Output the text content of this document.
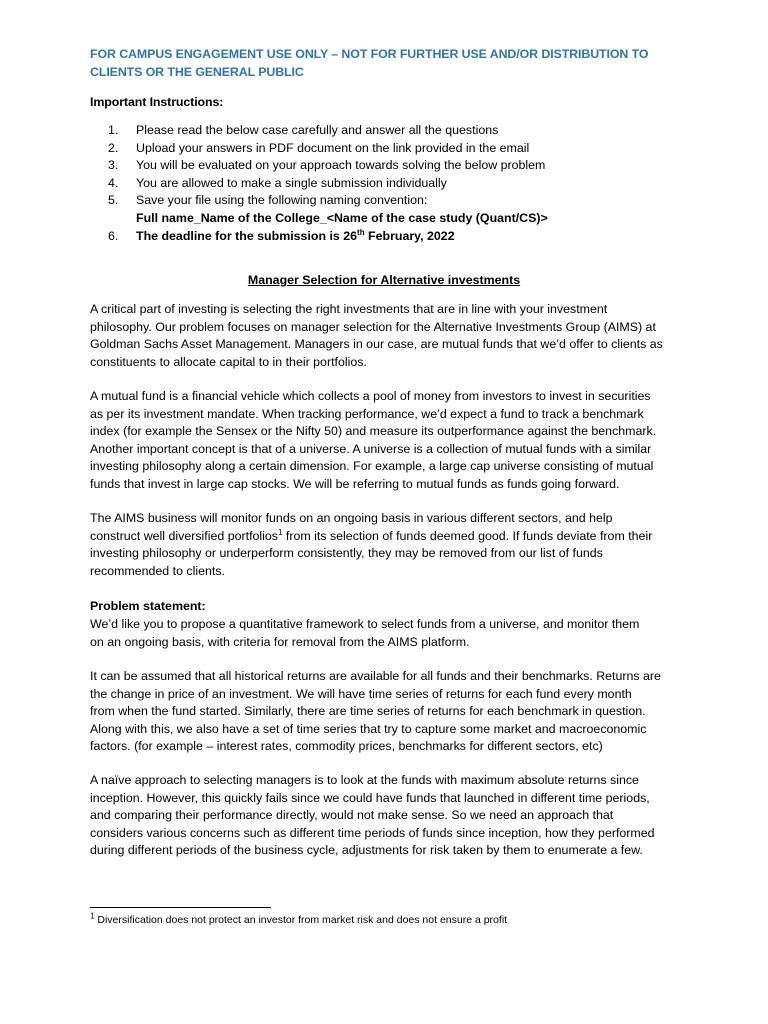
FOR CAMPUS ENGAGEMENT USE ONLY – NOT FOR FURTHER USE AND/OR DISTRIBUTION TO
CLIENTS OR THE GENERAL PUBLIC
Important Instructions:
1.	Please read the below case carefully and answer all the questions
2.	Upload your answers in PDF document on the link provided in the email
3.	You will be evaluated on your approach towards solving the below problem
4.	You are allowed to make a single submission individually
5.	Save your file using the following naming convention:
Full name_Name of the College_<Name of the case study (Quant/CS)>
6.	The deadline for the submission is 26th February, 2022
Manager Selection for Alternative investments
A critical part of investing is selecting the right investments that are in line with your investment
philosophy. Our problem focuses on manager selection for the Alternative Investments Group (AIMS) at
Goldman Sachs Asset Management. Managers in our case, are mutual funds that we’d offer to clients as
constituents to allocate capital to in their portfolios.
A mutual fund is a financial vehicle which collects a pool of money from investors to invest in securities
as per its investment mandate. When tracking performance, we’d expect a fund to track a benchmark
index (for example the Sensex or the Nifty 50) and measure its outperformance against the benchmark.
Another important concept is that of a universe. A universe is a collection of mutual funds with a similar
investing philosophy along a certain dimension. For example, a large cap universe consisting of mutual
funds that invest in large cap stocks. We will be referring to mutual funds as funds going forward.
The AIMS business will monitor funds on an ongoing basis in various different sectors, and help
construct well diversified portfolios$^1$ from its selection of funds deemed good. If funds deviate from their
investing philosophy or underperform consistently, they may be removed from our list of funds
recommended to clients.
Problem statement:
We’d like you to propose a quantitative framework to select funds from a universe, and monitor them
on an ongoing basis, with criteria for removal from the AIMS platform.
It can be assumed that all historical returns are available for all funds and their benchmarks. Returns are
the change in price of an investment. We will have time series of returns for each fund every month
from when the fund started. Similarly, there are time series of returns for each benchmark in question.
Along with this, we also have a set of time series that try to capture some market and macroeconomic
factors. (for example – interest rates, commodity prices, benchmarks for different sectors, etc)
A naïve approach to selecting managers is to look at the funds with maximum absolute returns since
inception. However, this quickly fails since we could have funds that launched in different time periods,
and comparing their performance directly, would not make sense. So we need an approach that
considers various concerns such as different time periods of funds since inception, how they performed
during different periods of the business cycle, adjustments for risk taken by them to enumerate a few.
$^1$ Diversification does not protect an investor from market risk and does not ensure a profit
